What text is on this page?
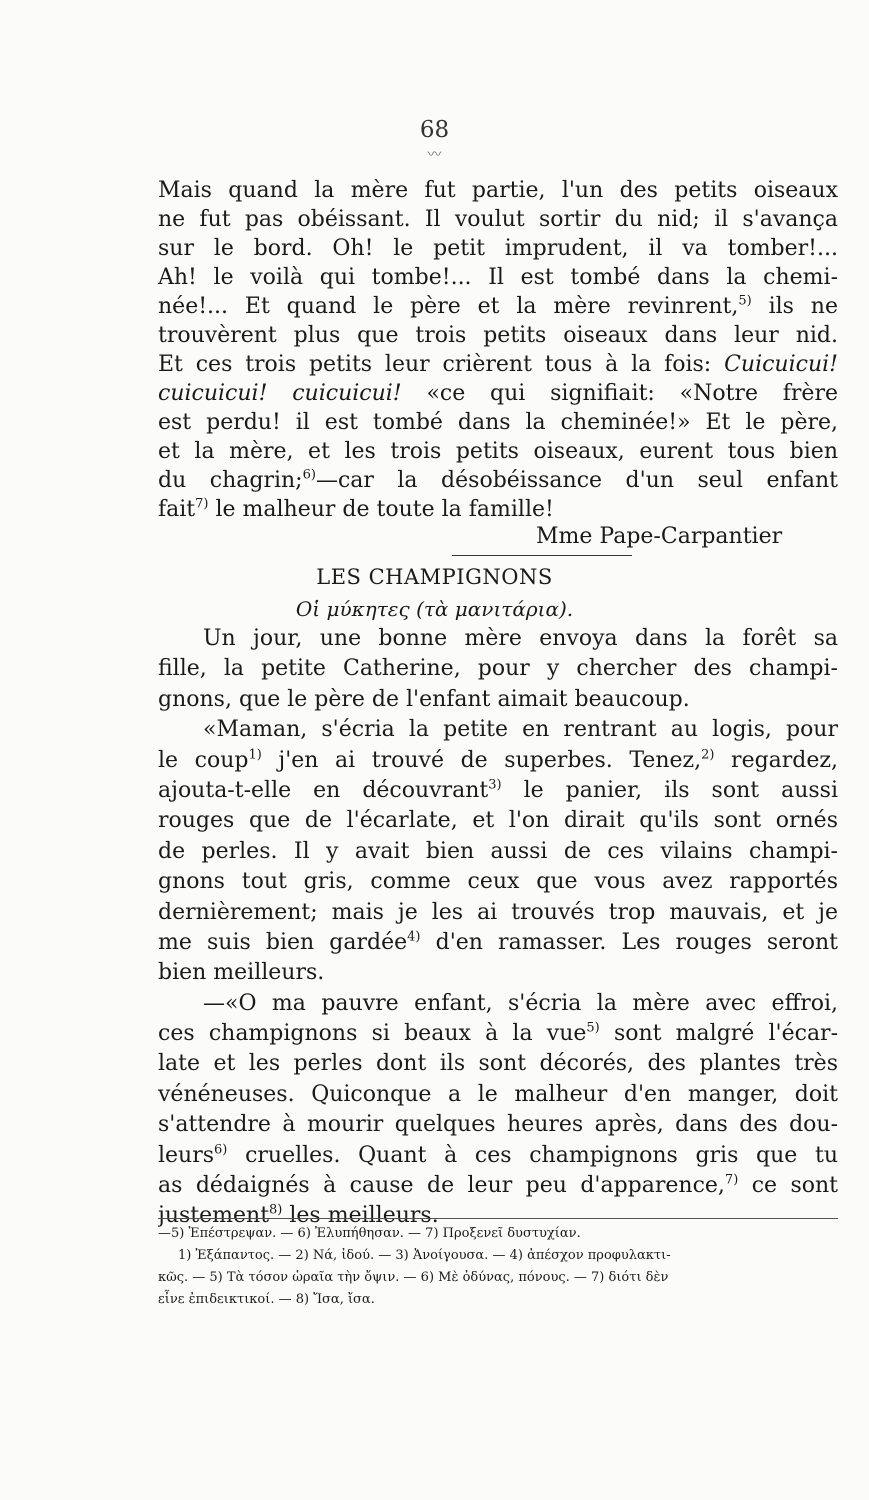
68
〰
Mais quand la mère fut partie, l'un des petits oiseaux
ne fut pas obéissant. Il voulut sortir du nid; il s'avança
sur le bord. Oh! le petit imprudent, il va tomber!...
Ah! le voilà qui tombe!... Il est tombé dans la chemi-
née!... Et quand le père et la mère revinrent,$^{5)}$ ils ne
trouvèrent plus que trois petits oiseaux dans leur nid.
Et ces trois petits leur crièrent tous à la fois: Cuicuicui!
cuicuicui! cuicuicui! «ce qui signifiait: «Notre frère
est perdu! il est tombé dans la cheminée!» Et le père,
et la mère, et les trois petits oiseaux, eurent tous bien
du chagrin;$^{6)}$—car la désobéissance d'un seul enfant
fait$^{7)}$ le malheur de toute la famille!
Mme Pape-Carpantier
LES CHAMPIGNONS
Οἱ μύκητες (τὰ μανιτάρια).
Un jour, une bonne mère envoya dans la forêt sa
fille, la petite Catherine, pour y chercher des champi-
gnons, que le père de l'enfant aimait beaucoup.
«Maman, s'écria la petite en rentrant au logis, pour
le coup$^{1)}$ j'en ai trouvé de superbes. Tenez,$^{2)}$ regardez,
ajouta-t-elle en découvrant$^{3)}$ le panier, ils sont aussi
rouges que de l'écarlate, et l'on dirait qu'ils sont ornés
de perles. Il y avait bien aussi de ces vilains champi-
gnons tout gris, comme ceux que vous avez rapportés
dernièrement; mais je les ai trouvés trop mauvais, et je
me suis bien gardée$^{4)}$ d'en ramasser. Les rouges seront
bien meilleurs.
—«O ma pauvre enfant, s'écria la mère avec effroi,
ces champignons si beaux à la vue$^{5)}$ sont malgré l'écar-
late et les perles dont ils sont décorés, des plantes très
vénéneuses. Quiconque a le malheur d'en manger, doit
s'attendre à mourir quelques heures après, dans des dou-
leurs$^{6)}$ cruelles. Quant à ces champignons gris que tu
as dédaignés à cause de leur peu d'apparence,$^{7)}$ ce sont
justement$^{8)}$ les meilleurs.
—5) Ἐπέστρεψαν. — 6) Ἐλυπήθησαν. — 7) Προξενεῖ δυστυχίαν.
1) Ἐξάπαντος. — 2) Νά, ἰδού. — 3) Ἀνοίγουσα. — 4) ἀπέσχον προφυλακτι-
κῶς. — 5) Τὰ τόσον ὡραῖα τὴν ὄψιν. — 6) Μὲ ὀδύνας, πόνους. — 7) διότι δὲν
εἶνε ἐπιδεικτικοί. — 8) Ἴσα, ἴσα.
